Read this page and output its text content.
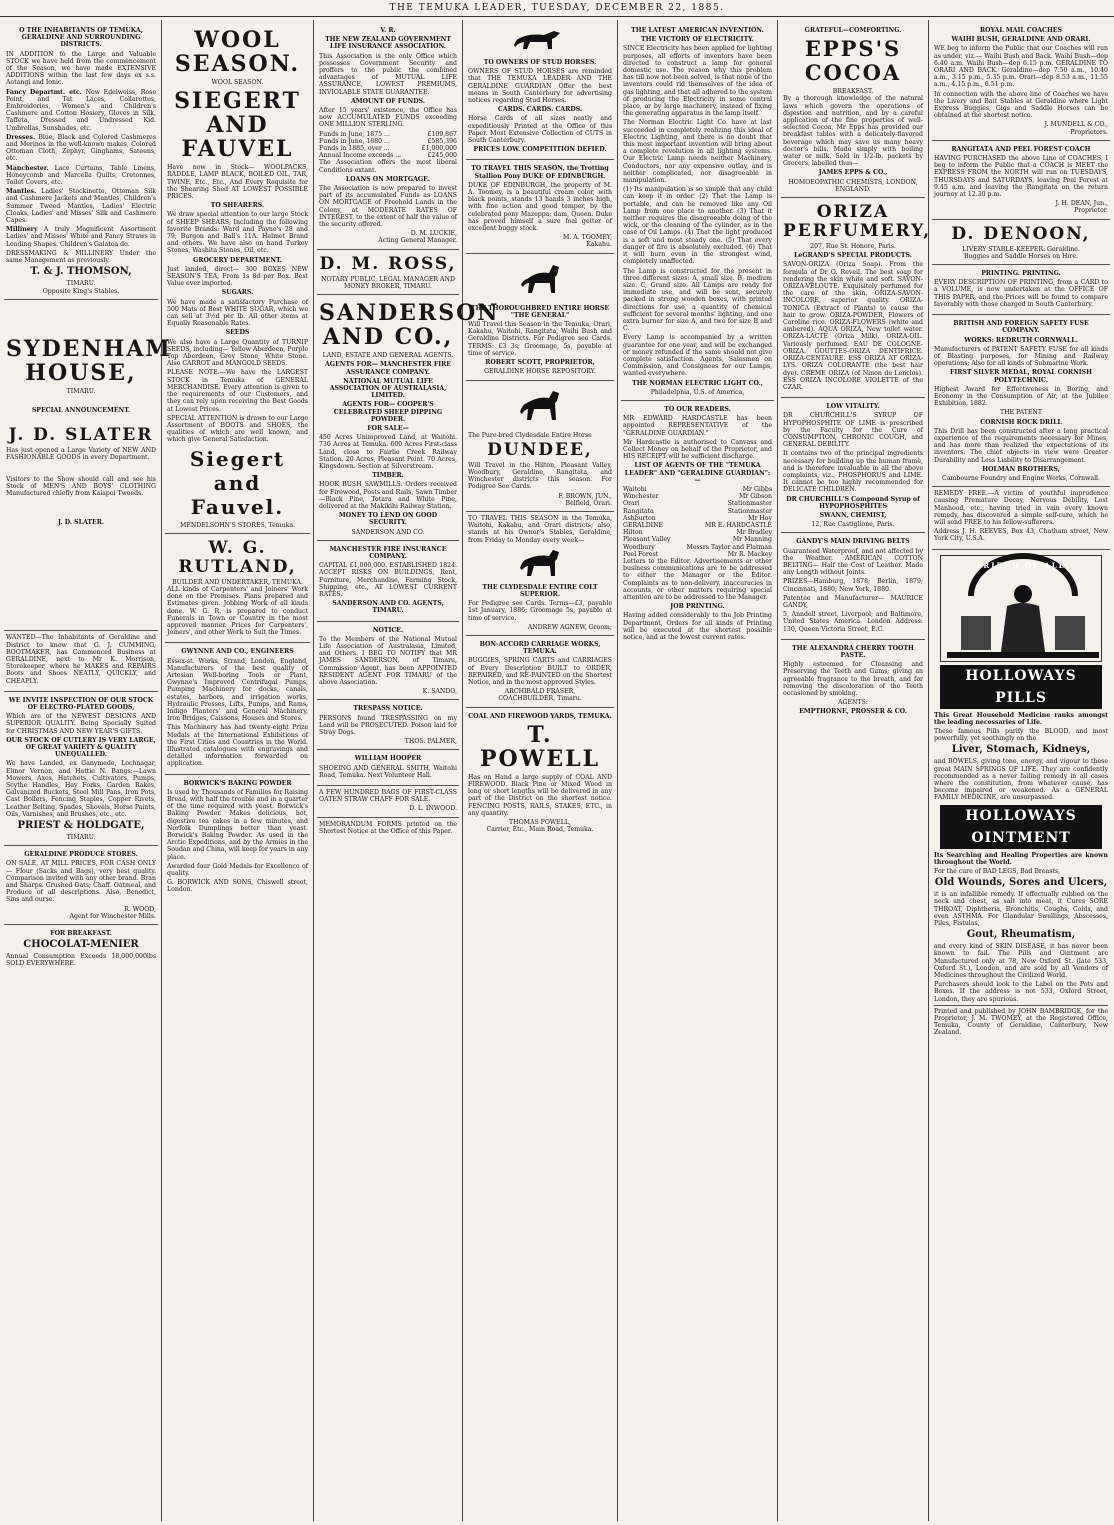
THE TEMUKA LEADER, TUESDAY, DECEMBER 22, 1885.
O THE INHABITANTS OF TEMUKA, GERALDINE AND SURROUNDING DISTRICTS.

IN ADDITION to the Large and Valuable STOCK we have held from the commencement of the Season, we have made EXTENSIVE ADDITIONS within the last few days ex s.s. Aotangi and Ionic.

Fancy Departmt. etc. New Edelweiss, Rose Point, and Tat Laces, Collarettes, Embroideries, Women's and Children's Cashmere and Cotton Hosiery, Gloves in Silk, Taffeta, Dressed and Undressed Kid. Umbrellas, Sunshades, etc.

Dresses. Blue, Black and Colored Cashmeres and Merinos in the well-known makes, Colored Ottoman Cloth, Zephyr, Ginghams, Sateens, etc.

Manchester. Lace Curtains, Table Linens, Honeycomb and Marcella Quilts, Cretonnes, Toilet Covers, etc.

Mantles. Ladies' Stockinette, Ottoman Silk and Cashmere Jackets and Mantles, Children's Summer Tweed Mantles, Ladies' Electric Cloaks, Ladies' and Misses' Silk and Cashmere Capes.

Millinery A truly Magnificent Assortment Ladies' and Misses' White and Fancy Straws in Leading Shapes. Children's Galatea do.

DRESSMAKING & MILLINERY Under the same Management as previously.

T. & J. THOMSON,
TIMARU.
Opposite King's Stables.
SYDENHAM HOUSE,
TIMARU.
SPECIAL ANNOUNCEMENT.
J. D. SLATER

Has just opened a Large Variety of NEW AND FASHIONABLE GOODS in every Department.

Visitors to the Show should call and see his Stock of MEN'S AND BOYS' CLOTHING Manufactured chiefly from Kaiapoi Tweeds.

J. D. SLATER.

WANTED—The Inhabitants of Geraldine and District to know that G. J. CUMMING, BOOTMAKER, has Commenced Business at GERALDINE, next to Mr K. Morrison, Storekeeper, where he MAKES and REPAIRS Boots and Shoes NEATLY, QUICKLY, and CHEAPLY.

WE INVITE INSPECTION OF OUR STOCK OF ELECTRO-PLATED GOODS,

Which are of the NEWEST DESIGNS AND SUPERIOR QUALITY. Being Specially Suited for CHRISTMAS AND NEW YEAR'S GIFTS.

OUR STOCK OF CUTLERY IS VERY LARGE, OF GREAT VARIETY & QUALITY UNEQUALLED.

We have Landed, ex Ganymede, Lochnagar, Elinor Vernon, and Hattie N. Bangs:—Lawn Mowers, Axes, Hatchets, Cultivators, Pumps, Scythe Handles, Hay Forks, Garden Rakes, Galvanized Buckets, Steel Mill Pans, Iron Pots, Cast Boilers, Fencing Staples, Copper Rivets, Leather Belting, Spades, Shovels, Horse Paints, Oils, Varnishes, and Brushes, etc., etc.

PRIEST & HOLDGATE,
TIMARU.
GERALDINE PRODUCE STORES.

ON SALE, AT MILL PRICES, FOR CASH ONLY— Flour (Sacks and Bags), very best quality. Comparison invited with any other brand. Bran and Sharps. Crushed Oats; Chaff. Oatmeal, and Produce of all descriptions. Also, Benedict, Sins and ourse.

R. WOOD,
Agent for Winchester Mills.
FOR BREAKFAST.
CHOCOLAT-MENIER

Annual Consumption Exceeds 18,000,000lbs SOLD EVERYWHERE.

WOOL SEASON.
WOOL SEASON.
SIEGERT AND FAUVEL

Have now in Stock— WOOLPACKS, RADDLE, LAMP BLACK, BOILED OIL, TAR, TWINE, Etc., Etc., And Every Requisite for the Shearing Shed AT LOWEST POSSIBLE PRICES.

TO SHEARERS.

We draw special attention to our large Stock of SHEEP SHEARS, Including the following favorite Brands: Ward and Payne's 28 and 79; Burgon and Ball's 11A. Helmet Brand and others. We have also on hand Turkey Stones, Washita Stones, Oil, etc.

GROCERY DEPARTMENT.

Just landed, direct— 300 BOXES NEW SEASON'S TEA, From 1s 8d per Box. Best Value ever imported.

SUGARS.

We have made a satisfactory Purchase of 500 Mats of Best WHITE SUGAR, which we can sell at 3½d per lb. All other items at Equally Reasonable Rates.

SEEDS

We also have a Large Quantity of TURNIP SEEDS, including— Yellow Aberdeen, Purple Top Aberdeen, Grey Stone, White Stone. Also CARROT and MANGOLD SEEDS.

PLEASE NOTE.—We have the LARGEST STOCK in Temuka of GENERAL MERCHANDISE. Every attention is given to the requirements of our Customers, and they can rely upon receiving the Best Goods at Lowest Prices.

SPECIAL ATTENTION is drawn to our Large Assortment of BOOTS and SHOES, the qualities of which are well known, and which give General Satisfaction.

Siegert and Fauvel.
MENDELSOHN'S STORES, Temuka.
W. G. RUTLAND,
BUILDER AND UNDERTAKER, TEMUKA.

ALL kinds of Carpenters' and Joiners' Work done on the Premises. Plans prepared and Estimates given. Jobbing Work of all kinds done. W. G. R. is prepared to conduct Funerals in Town or Country in the most approved manner. Prices for Carpenters', Joiners', and other Work to Suit the Times.

GWYNNE AND CO., ENGINEERS

Essex-st. Works, Strand, London, England, Manufacturers of the best quality of Artesian Well-boring Tools or Plant, Gwynne's Improved Centrifugal Pumps, Pumping Machinery for docks, canals, estates, harbors, and irrigation works, Hydraulic Presses, Lifts, Pumps, and Rams, Indigo Planters' and General Machinery, Iron Bridges, Caissons, Houses and Stores.

This Machinery has had twenty-eight Prize Medals at the International Exhibitions of the First Cities and Countries in the World. Illustrated catalogues with engravings and detailed information forwarded on application.

BORWICK'S BAKING POWDER

Is used by Thousands of Families for Raising Bread, with half the trouble and in a quarter of the time required with yeast. Borwick's Baking Powder. Makes delicious, hot, digestive tea cakes in a few minutes, and Norfolk Dumplings better than yeast. Borwick's Baking Powder. As used in the Arctic Expeditions, and by the Armies in the Soudan and China, will keep for years in any place.

Awarded four Gold Medals for Excellence of quality.

G. BORWICK AND SONS, Chiswell street, London.

V. R.
THE NEW ZEALAND GOVERNMENT LIFE INSURANCE ASSOCIATION.

This Association is the only Office which possesses Government Security and proffers to the public the combined advantages of MUTUAL LIFE ASSURANCE, LOWEST PREMIUMS, INVIOLABLE STATE GUARANTEE.

AMOUNT OF FUNDS.

After 15 years' existence, the Office has now ACCUMULATED FUNDS exceeding ONE MILLION STERLING.

Funds in June, 1875 ...	£109,867
Funds in June, 1880 ...	£585,396
Funds in 1885, over ...	£1,000,000
Annual Income exceeds ...	£245,000

The Association offers the most liberal Conditions extant.

LOANS ON MORTGAGE.

The Association is now prepared to invest part of its accumulated Funds as LOANS ON MORTGAGE of Freehold Lands in the Colony, at MODERATE RATES OF INTEREST, to the extent of half the value of the security offered.

D. M. LUCKIE,
Acting General Manager.
D. M. ROSS,
NOTARY PUBLIC, LEGAL MANAGER AND MONEY BROKER, TIMARU.
SANDERSON AND CO.,
LAND, ESTATE AND GENERAL AGENTS.
AGENTS FOR— MANCHESTER FIRE ASSURANCE COMPANY.
NATIONAL MUTUAL LIFE ASSOCIATION OF AUSTRALASIA, LIMITED.
AGENTS FOR— COOPER'S CELEBRATED SHEEP DIPPING POWDER.
FOR SALE—

450 Acres Unimproved Land, at Waitohi. 730 Acres at Temuka. 600 Acres First-class Land, close to Fairlie Creek Railway Station. 20 Acres, Pleasant Point. 70 Acres, Kingsdown. Section at Silverstream.

TIMBER.

HOOK BUSH SAWMILLS. Orders received for Firewood, Posts and Rails, Sawn Timber—Black Pine, Totara and White Pine, delivered at the Makikihi Railway Station.

MONEY TO LEND ON GOOD SECURITY.
SANDERSON AND CO.
MANCHESTER FIRE INSURANCE COMPANY.

CAPITAL £1,000,000. ESTABLISHED 1824. ACCEPT RISKS ON BUILDINGS, Rent, Furniture, Merchandise, Farming Stock, Shipping, etc., AT LOWEST CURRENT RATES.

SANDERSON AND CO. AGENTS, TIMARU.
NOTICE.

To the Members of the National Mutual Life Association of Australasia, Limited, and Others. I BEG TO NOTIFY that MR JAMES SANDERSON, of Timaru, Commission Agent, has been APPOINTED RESIDENT AGENT FOR TIMARU of the above Association.

K. SANDO,
TRESPASS NOTICE.

PERSONS found TRESPASSING on my Land will be PROSECUTED. Poison laid for Stray Dogs.

THOS. PALMER,
WILLIAM HOOPER

SHOEING AND GENERAL SMITH, Waitohi Road, Temuka. Next Volunteer Hall.

A FEW HUNDRED BAGS OF FIRST-CLASS OATEN STRAW CHAFF FOR SALE.

D. L. INWOOD.

MEMORANDUM FORMS printed on the Shortest Notice at the Office of this Paper.

TO OWNERS OF STUD HORSES.

OWNERS OF STUD HORSES are reminded that THE TEMUKA LEADER AND THE GERALDINE GUARDIAN Offer the best means in South Canterbury for advertising notices regarding Stud Horses.

CARDS. CARDS. CARDS.

Horse Cards of all sizes neatly and expeditiously Printed at the Office of this Paper. Most Extensive Collection of CUTS in South Canterbury.

PRICES LOW. COMPETITION DEFIED.
TO TRAVEL THIS SEASON, the Trotting Stallion Pony DUKE OF EDINBURGH.

DUKE OF EDINBURGH, the property of M. A. Toomey, is a beautiful cream color, with black points, stands 13 hands 3 inches high, with fine action and good temper, by the celebrated pony Mazeppa; dam, Queen. Duke has proved himself a sure foal getter of excellent buggy stock.

M. A. TOOMEY,
Kakahu.
THE THOROUGHBRED ENTIRE HORSE "THE GENERAL"

Will Travel this Season in the Temuka, Orari, Kakahu, Waitohi, Rangitata, Waihi Bush and Geraldine Districts. For Pedigree see Cards. TERMS: £3 3s; Groomage, 5s, payable at time of service.

ROBERT SCOTT, PROPRIETOR,
GERALDINE HORSE REPOSITORY.

The Pure-bred Clydesdale Entire Horse

DUNDEE,

Will Travel in the Hilton, Pleasant Valley, Woodbury, Geraldine, Rangitata, and Winchester districts this season. For Pedigree See Cards.

F. BROWN, JUN.,
Belfield, Orari.

TO TRAVEL THIS SEASON in the Temuka, Waitohi, Kakahu, and Orari districts; also, stands at his Owner's Stables, Geraldine, from Friday to Monday every week—

THE CLYDESDALE ENTIRE COLT SUPERIOR.

For Pedigree see Cards. Terms—£3, payable 1st January, 1886; Groomage 5s, payable at time of service.

ANDREW AGNEW, Groom;
BON-ACCORD CARRIAGE WORKS, TEMUKA.

BUGGIES, SPRING CARTS and CARRIAGES of Every Description BUILT to ORDER, REPAIRED, and RE-PAINTED on the Shortest Notice, and in the most approved Styles.

ARCHIBALD FRASER,
COACHBUILDER, Timaru.
COAL AND FIREWOOD YARDS, TEMUKA.
T. POWELL

Has on Hand a large supply of COAL AND FIREWOOD. Black Pine or Mixed Wood in long or short lengths will be delivered in any part of the District on the shortest notice. FENCING POSTS, RAILS, STAKES, ETC., in any quantity.

THOMAS POWELL,
Carrier, Etc., Main Road, Temuka.
THE LATEST AMERICAN INVENTION.
THE VICTORY OF ELECTRICITY.

SINCE Electricity has been applied for lighting purposes, all efforts of inventors have been directed to construct a lamp for general domestic use. The reason why this problem has till now not been solved, is that none of the inventors could rid themselves of the idea of gas lighting, and that all adhered to the system of producing the Electricity in some central place, or by large machinery, instead of fixing the generating apparatus in the lamp itself.

The Norman Electric Light Co. have at last succeeded in completely realizing this ideal of Electric Lighting, and there is no doubt that this most important invention will bring about a complete revolution in all lighting systems. Our Electric Lamp needs neither Machinery, Conductors, nor any expensive outlay, and is neither complicated, nor disagreeable in manipulation.

(1) Its manipulation is so simple that any child can keep it in order. (2) That the Lamp is portable, and can be removed like any Oil Lamp from one place to another. (3) That it neither requires the disagreeable doing of the wick, or the cleaning of the cylinder, as in the case of Oil Lamps. (4) That the light produced is a soft and most steady one. (5) That every danger of fire is absolutely excluded. (6) That it will burn even in the strongest wind, completely unaffected.

The Lamp is constructed for the present in three different sizes: A, small size. B, medium size. C, Grand size. All Lamps are ready for immediate use, and will be sent, securely packed in strong wooden boxes, with printed directions for use, a quantity of chemical sufficient for several months' lighting, and one extra burner for size A, and two for size B and C.

Every Lamp is accompanied by a written guarantee for one year, and will be exchanged or money refunded if the same should not give complete satisfaction. Agents, Salesmen on Commission, and Consignees for our Lamps, wanted everywhere.

THE NORMAN ELECTRIC LIGHT CO.,
Philadelphia, U.S. of America,
TO OUR READERS.

MR EDWARD HARDCASTLE has been appointed REPRESENTATIVE of the "GERALDINE GUARDIAN."

Mr Hardcastle is authorised to Canvass and Collect Money on behalf of the Proprietor, and HIS RECEIPT will be sufficient discharge.

LIST OF AGENTS OF THE "TEMUKA LEADER" AND "GERALDINE GUARDIAN":—
Waitohi	Mr Gibbs
Winchester	Mr Gibson
Orari	Stationmaster
Rangitata	Stationmaster
Ashburton	Mr Hoy
GERALDINE	MR E. HARDCASTLE
Hilton	Mr Bradley
Pleasant Valley	Mr Manning
Woodbury	Messrs Taylor and Flatman
Peel Forest	Mr R. Mackey

Letters to the Editor, Advertisements or other business communications are to be addressed to either the Manager or the Editor. Complaints as to non-delivery, inaccuracies in accounts, or other matters requiring special attention are to be addressed to the Manager.

JOB PRINTING.

Having added considerably to the Job Printing Department, Orders for all kinds of Printing will be executed at the shortest possible notice, and at the lowest current rates.

GRATEFUL—COMFORTING.
EPPS'S COCOA
BREAKFAST.

By a thorough knowledge of the natural laws which govern the operations of digestion and nutrition, and by a careful application of the fine properties of well-selected Cocoa, Mr Epps has provided our breakfast tables with a delicately-flavored beverage which may save us many heavy doctor's bills. Made simply with boiling water or milk. Sold in 1/2-lb. packets by Grocers, labelled thus—

JAMES EPPS & CO.,
HOMOEOPATHIC CHEMISTS, LONDON, ENGLAND.
ORIZA PERFUMERY,
207, Rue St. Honore, Paris.
LeGRAND'S SPECIAL PRODUCTS.

SAVON-ORIZA (Oriza Soap). From the formula of Dr O. Reveil. The best soap for rendering the skin white and soft. SAVON-ORIZA-VELOUTE. Exquisitely perfumed for the care of the skin. ORIZA-SAVON-INCOLORE, superior quality. ORIZA-TONICA (Extract of Plants) to cause the hair to grow. ORIZA-POWDER, Flowers of Caroline rice. ORIZA-FLOWERS (white and ambered). AQUA ORIZA, New toilet water. ORIZA-LACTE (Oriza Milk). ORIZA-OIL. Variously perfumed. EAU DE COLOGNE-ORIZA. GOUTTES-ORIZA DENTIFRICE. ORIZA-CENTAURE. ESS ORIZA AT ORIZA-LYS. ORIZA COLORANTE (the best hair dye). CREME ORIZA (of Ninon de Lenclos). ESS ORIZA INCOLORE VIOLETTE of the CZAR.

LOW VITALITY.

DR CHURCHILL'S SYRUP OF HYPOPHOSPHITE OF LIME is prescribed by the Faculty for the Cure of CONSUMPTION, CHRONIC COUGH, and GENERAL DEBILITY.

It contains two of the principal ingredients necessary for building up the human frame, and is therefore invaluable in all the above complaints, viz., PHOSPHORUS and LIME. It cannot be too highly recommended for DELICATE CHILDREN.

DR CHURCHILL'S Compound Syrup of HYPOPHOSPHITES
SWANN, CHEMIST,
12, Rue Castiglione, Paris.
GANDY'S MAIN DRIVING BELTS

Guaranteed Waterproof, and not affected by the Weather. AMERICAN COTTON BELTING— Half the Cost of Leather. Made any Length without Joints.

PRIZES—Hamburg, 1878; Berlin, 1879; Cincinnati, 1880; New York, 1880.

Patentee and Manufacturer— MAURICE GANDY,

5, Anndell street, Liverpool; and Baltimore, United States America. London Address: 130, Queen Victoria Street, E.C.

THE ALEXANDRA CHERRY TOOTH PASTE.

Highly esteemed for Cleansing and Preserving the Teeth and Gums; giving an agreeable fragrance to the breath, and for removing the discoloration of the Teeth occasioned by smoking.

AGENTS:
EMPTHORNE, PROSSER & CO.
ROYAL MAIL COACHES
WAIHI BUSH, GERALDINE AND ORARI.

WE beg to inform the Public that our Coaches will run as under, viz.— Waihi Bush and Back. Waihi Bush—dep 6.40 a.m. Waihi Bush—dep 6.15 p.m. GERALDINE TO ORARI AND BACK. Geraldine—dep 7.50 a.m., 10.40 a.m., 3.15 p.m., 5.35 p.m. Orari—dep 8.53 a.m., 11.55 a.m., 4.15 p.m., 6.51 p.m.

In connection with the above line of Coaches we have the Livery and Bait Stables at Geraldine where Light Express Buggies, Gigs and Saddle Horses can be obtained at the shortest notice.

J. MUNDELL & CO.,
Proprietors.
RANGITATA AND PEEL FOREST COACH

HAVING PURCHASED the above Line of COACHES, I beg to inform the Public that a COACH is MEET the EXPRESS FROM the NORTH will run on TUESDAYS, THURSDAYS and SATURDAYS, leaving Peel Forest at 9.45 a.m. and leaving the Rangitata on the return journey at 12.30 p.m.

J. H. DEAN, Jun.,
Proprietor.
D. DENOON,
LIVERY STABLE-KEEPER. Geraldine.
Buggies and Saddle Horses on Hire.
PRINTING. PRINTING.

EVERY DESCRIPTION OF PRINTING, from a CARD to a VOLUME, is now undertaken at the OFFICE OF THIS PAPER, and the Prices will be found to compare favorably with those charged in South Canterbury.

BRITISH AND FOREIGN SAFETY FUSE COMPANY.
WORKS: REDRUTH CORNWALL.

Manufacturers of PATENT SAFETY FUSE for all kinds of Blasting purposes, for Mining and Railway operations; Also for all kinds of Submarine Work.

FIRST SILVER MEDAL, ROYAL CORNISH POLYTECHNIC.

Highest Award for Effectiveness in Boring, and Economy in the Consumption of Air, at the Jubilee Exhibition, 1882.

THE PATENT
CORNISH ROCK DRILL

This Drill has been constructed after a long practical experience of the requirements necessary for Mines, and has more than realized the expectations of its inventors. The chief objects in view were Greater Durability and Less Liability to Disarrangement.

HOLMAN BROTHERS,
Cambourne Foundry and Engine Works, Cornwall.

REMEDY FREE.—A victim of youthful imprudence causing Premature Decay, Nervous Debility, Lost Manhood, etc., having tried in vain every known remedy, has discovered a simple self-cure, which he will send FREE to his fellow-sufferers.

Address J. H. REEVES, Box 43, Chatham street, New York City, U.S.A.

FRIEND OF ALL
HOLLOWAYS PILLS

This Great Household Medicine ranks amongst the leading necessaries of Life.

These famous Pills purify the BLOOD, and most powerfully, yet soothingly on the

Liver, Stomach, Kidneys,

and BOWELS, giving tone, energy, and vigour to these great MAIN SPRINGS OF LIFE. They are confidently recommended as a never failing remedy in all cases where the constitution, from whatever cause, has become impaired or weakened. As a GENERAL FAMILY MEDICINE, are unsurpassed.

HOLLOWAYS OINTMENT

Its Searching and Healing Properties are known throughout the World.

For the cure of BAD LEGS, Bad Breasts,

Old Wounds, Sores and Ulcers,

it is an infallible remedy. If effectually rubbed on the neck and chest, as salt into meat, it Cures SORE THROAT, Diphtheria, Bronchitis, Coughs, Colds, and even ASTHMA. For Glandular Swellings, Abscesses, Piles, Fistulas,

Gout, Rheumatism,

and every kind of SKIN DISEASE, it has never been known to fail. The Pills and Ointment are Manufactured only at 78, New Oxford St. (late 533, Oxford St.), London, and are sold by all Vendors of Medicines throughout the Civilized World.

Purchasers should look to the Label on the Pots and Boxes. If the address is not 533, Oxford Street, London, they are spurious.

Printed and published by JOHN BAMBRIDGE, for the Proprietor, J. M. TWOMEY, at the Registered Office, Temuka, County of Geraldine, Canterbury, New Zealand.
